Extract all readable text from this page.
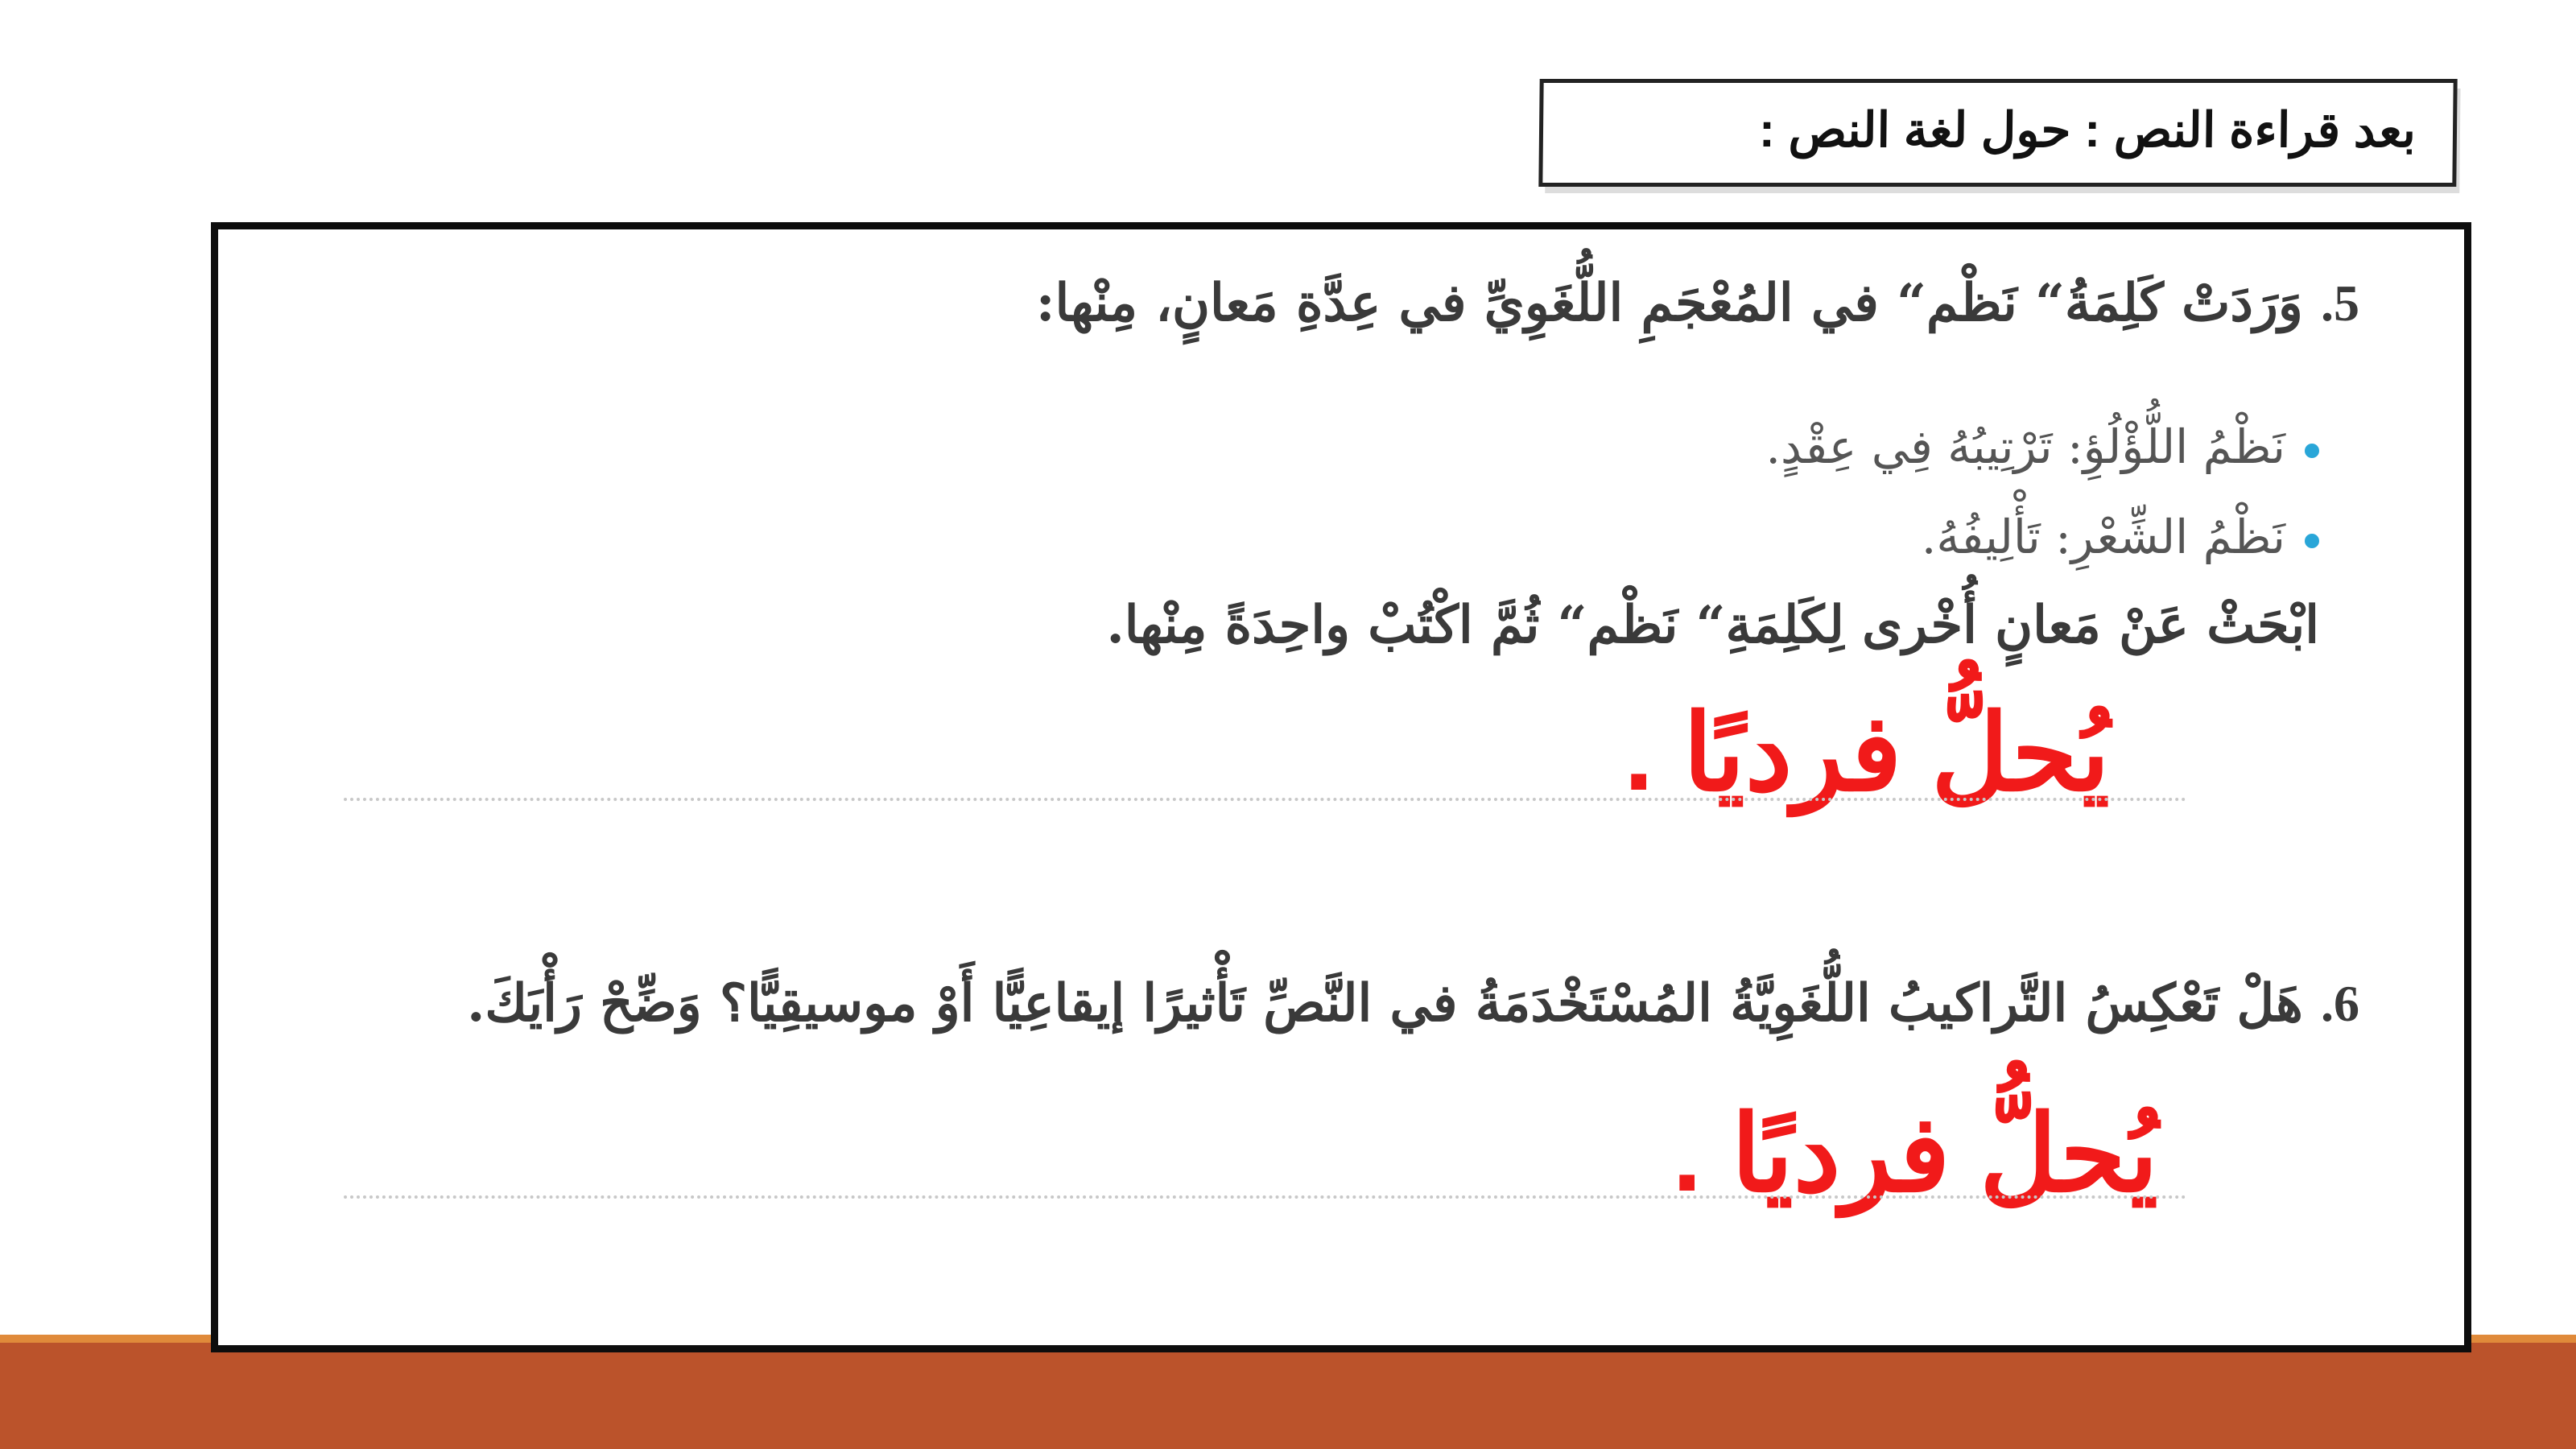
بعد قراءة النص : حول لغة النص :
5. وَرَدَتْ كَلِمَةُ“ نَظْم“ في المُعْجَمِ اللُّغَوِيِّ في عِدَّةِ مَعانٍ، مِنْها:
نَظْمُ اللُّؤْلُؤِ: تَرْتِيبُهُ فِي عِقْدٍ.
نَظْمُ الشِّعْرِ: تَأْلِيفُهُ.
ابْحَثْ عَنْ مَعانٍ أُخْرى لِكَلِمَةِ“ نَظْم“ ثُمَّ اكْتُبْ واحِدَةً مِنْها.
يُحلُّ فرديًا .
6. هَلْ تَعْكِسُ التَّراكيبُ اللُّغَوِيَّةُ المُسْتَخْدَمَةُ في النَّصِّ تَأْثيرًا إيقاعِيًّا أَوْ موسيقِيًّا؟ وَضِّحْ رَأْيَكَ.
يُحلُّ فرديًا .
